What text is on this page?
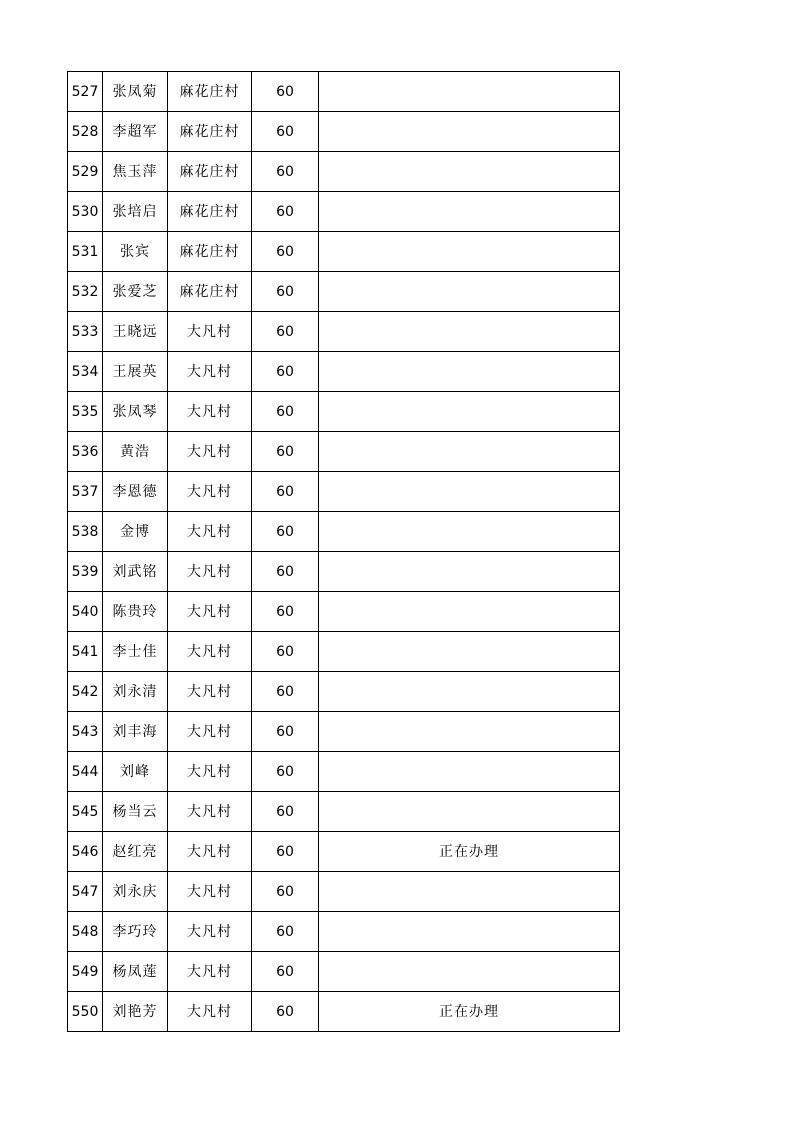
527	张凤菊	麻花庄村	60	
528	李超军	麻花庄村	60	
529	焦玉萍	麻花庄村	60	
530	张培启	麻花庄村	60	
531	张宾	麻花庄村	60	
532	张爱芝	麻花庄村	60	
533	王晓远	大凡村	60	
534	王展英	大凡村	60	
535	张凤琴	大凡村	60	
536	黄浩	大凡村	60	
537	李恩德	大凡村	60	
538	金博	大凡村	60	
539	刘武铭	大凡村	60	
540	陈贵玲	大凡村	60	
541	李士佳	大凡村	60	
542	刘永清	大凡村	60	
543	刘丰海	大凡村	60	
544	刘峰	大凡村	60	
545	杨当云	大凡村	60	
546	赵红亮	大凡村	60	正在办理
547	刘永庆	大凡村	60	
548	李巧玲	大凡村	60	
549	杨凤莲	大凡村	60	
550	刘艳芳	大凡村	60	正在办理
